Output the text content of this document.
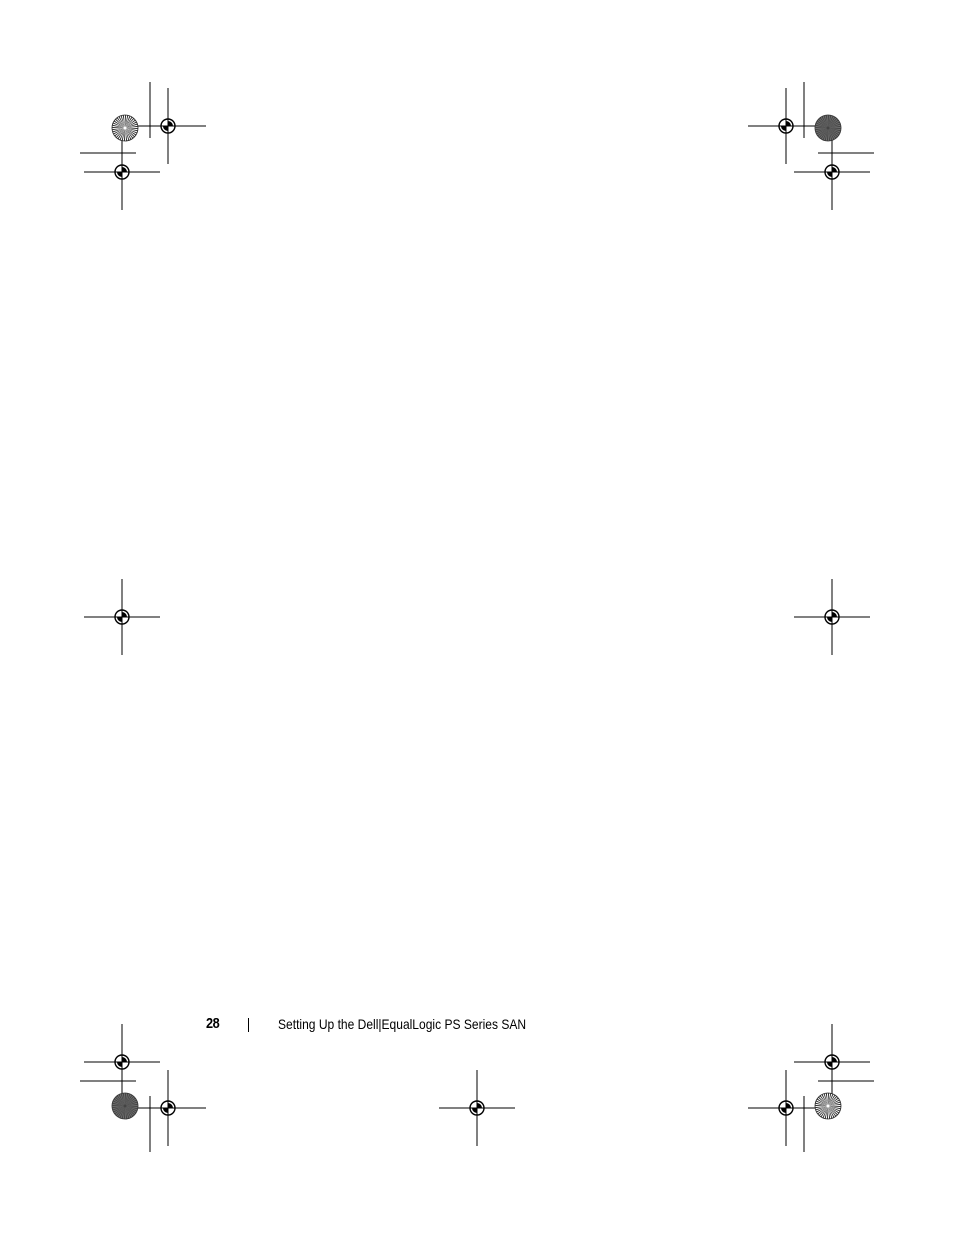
28	Setting Up the Dell|EqualLogic PS Series SAN
